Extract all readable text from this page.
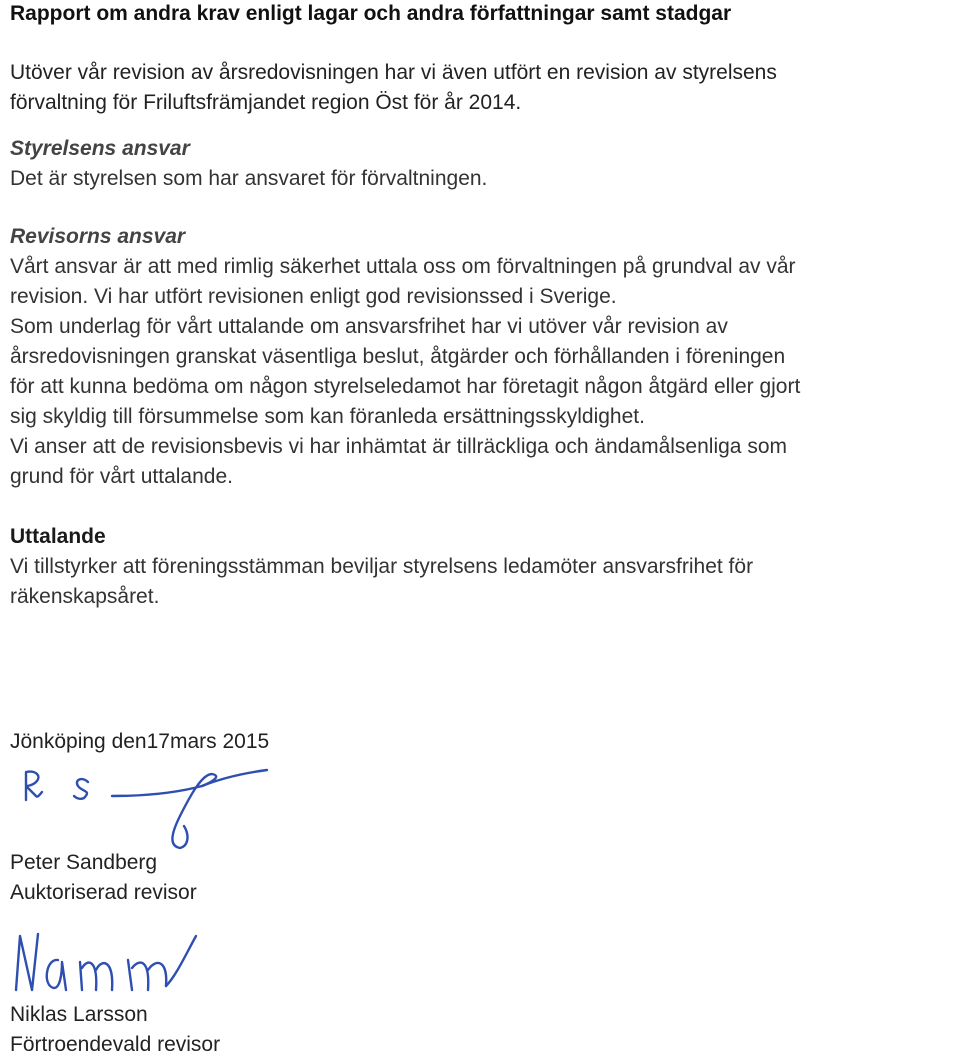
Rapport om andra krav enligt lagar och andra författningar samt stadgar

Utöver vår revision av årsredovisningen har vi även utfört en revision av styrelsens

förvaltning för Friluftsfrämjandet region Öst för år 2014.

Styrelsens ansvar

Det är styrelsen som har ansvaret för förvaltningen.

Revisorns ansvar

Vårt ansvar är att med rimlig säkerhet uttala oss om förvaltningen på grundval av vår

revision. Vi har utfört revisionen enligt god revisionssed i Sverige.

Som underlag för vårt uttalande om ansvarsfrihet har vi utöver vår revision av

årsredovisningen granskat väsentliga beslut, åtgärder och förhållanden i föreningen

för att kunna bedöma om någon styrelseledamot har företagit någon åtgärd eller gjort

sig skyldig till försummelse som kan föranleda ersättningsskyldighet.

Vi anser att de revisionsbevis vi har inhämtat är tillräckliga och ändamålsenliga som

grund för vårt uttalande.

Uttalande

Vi tillstyrker att föreningsstämman beviljar styrelsens ledamöter ansvarsfrihet för

räkenskapsåret.

Jönköping den17mars 2015

Peter Sandberg

Auktoriserad revisor

Niklas Larsson

Förtroendevald revisor
